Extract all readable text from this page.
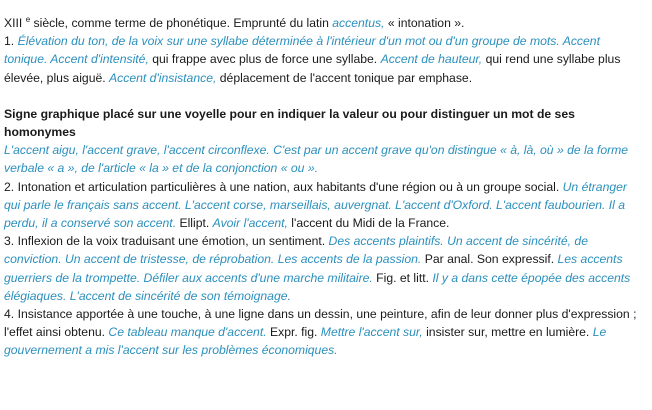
XIII $^e$ siècle, comme terme de phonétique. Emprunté du latin accentus, « intonation ».

1. Élévation du ton, de la voix sur une syllabe déterminée à l'intérieur d'un mot ou d'un groupe de mots. Accent tonique. Accent d'intensité, qui frappe avec plus de force une syllabe. Accent de hauteur, qui rend une syllabe plus élevée, plus aiguë. Accent d'insistance, déplacement de l'accent tonique par emphase.

Signe graphique placé sur une voyelle pour en indiquer la valeur ou pour distinguer un mot de ses homonymes

L'accent aigu, l'accent grave, l'accent circonflexe. C'est par un accent grave qu'on distingue « à, là, où » de la forme verbale « a », de l'article « la » et de la conjonction « ou ».

2. Intonation et articulation particulières à une nation, aux habitants d'une région ou à un groupe social. Un étranger qui parle le français sans accent. L'accent corse, marseillais, auvergnat. L'accent d'Oxford. L'accent faubourien. Il a perdu, il a conservé son accent. Ellipt. Avoir l'accent, l'accent du Midi de la France.

3. Inflexion de la voix traduisant une émotion, un sentiment. Des accents plaintifs. Un accent de sincérité, de conviction. Un accent de tristesse, de réprobation. Les accents de la passion. Par anal. Son expressif. Les accents guerriers de la trompette. Défiler aux accents d'une marche militaire. Fig. et litt. Il y a dans cette épopée des accents élégiaques. L'accent de sincérité de son témoignage.

4. Insistance apportée à une touche, à une ligne dans un dessin, une peinture, afin de leur donner plus d'expression ; l'effet ainsi obtenu. Ce tableau manque d'accent. Expr. fig. Mettre l'accent sur, insister sur, mettre en lumière. Le gouvernement a mis l'accent sur les problèmes économiques.
